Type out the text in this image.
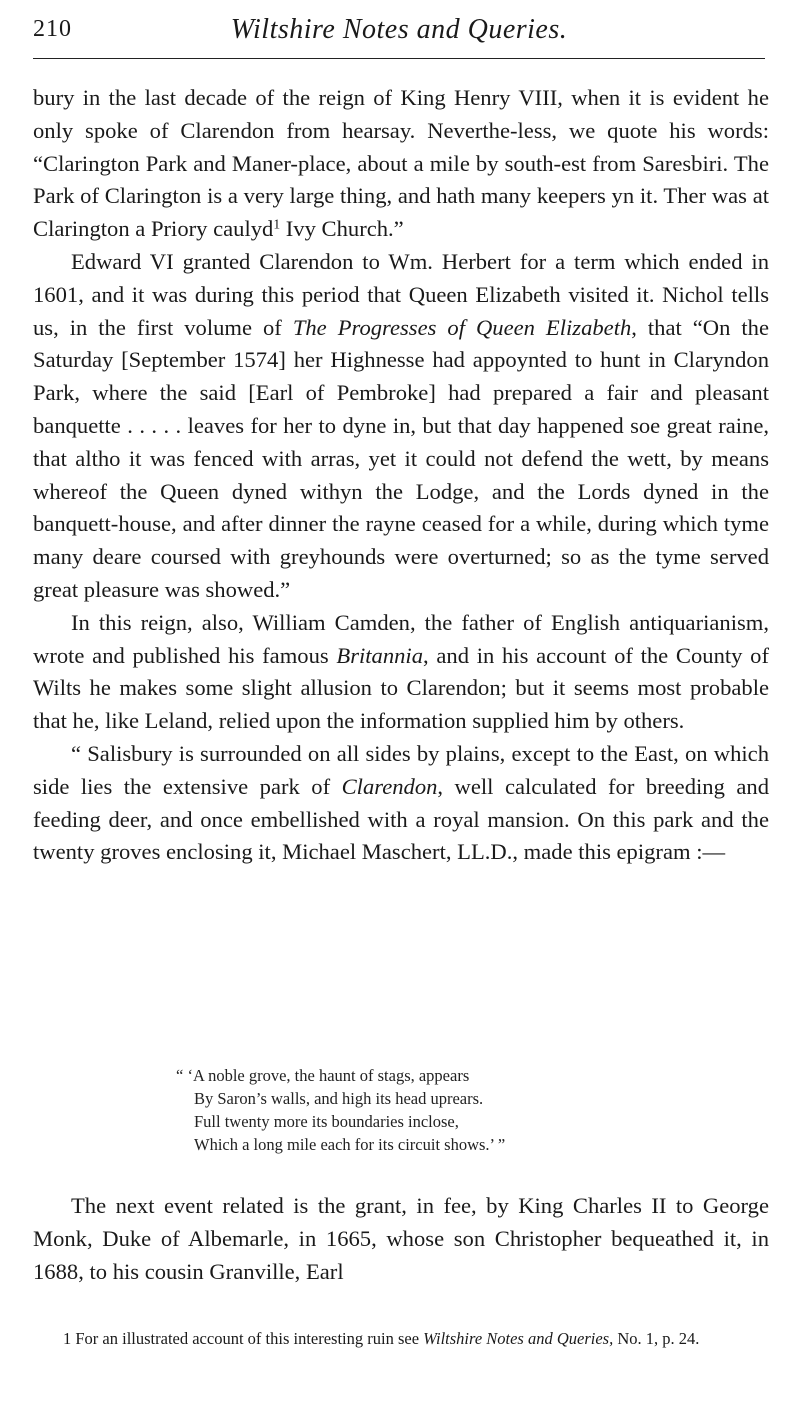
210	Wiltshire Notes and Queries.

bury in the last decade of the reign of King Henry VIII, when it is evident he only spoke of Clarendon from hearsay. Neverthe-less, we quote his words: “Clarington Park and Maner-place, about a mile by south-est from Saresbiri. The Park of Clarington is a very large thing, and hath many keepers yn it. Ther was at Clarington a Priory caulyd$^1$ Ivy Church.”

Edward VI granted Clarendon to Wm. Herbert for a term which ended in 1601, and it was during this period that Queen Elizabeth visited it. Nichol tells us, in the first volume of The Progresses of Queen Elizabeth, that “On the Saturday [September 1574] her Highnesse had appoynted to hunt in Claryndon Park, where the said [Earl of Pembroke] had prepared a fair and pleasant banquette . . . . . leaves for her to dyne in, but that day happened soe great raine, that altho it was fenced with arras, yet it could not defend the wett, by means whereof the Queen dyned withyn the Lodge, and the Lords dyned in the banquett-house, and after dinner the rayne ceased for a while, during which tyme many deare coursed with greyhounds were overturned; so as the tyme served great pleasure was showed.”

In this reign, also, William Camden, the father of English antiquarianism, wrote and published his famous Britannia, and in his account of the County of Wilts he makes some slight allusion to Clarendon; but it seems most probable that he, like Leland, relied upon the information supplied him by others.

“ Salisbury is surrounded on all sides by plains, except to the East, on which side lies the extensive park of Clarendon, well calculated for breeding and feeding deer, and once embellished with a royal mansion. On this park and the twenty groves enclosing it, Michael Maschert, LL.D., made this epigram :—

“ ‘A noble grove, the haunt of stags, appears
By Saron’s walls, and high its head uprears.
Full twenty more its boundaries inclose,
Which a long mile each for its circuit shows.’ ”

The next event related is the grant, in fee, by King Charles II to George Monk, Duke of Albemarle, in 1665, whose son Christopher bequeathed it, in 1688, to his cousin Granville, Earl

1 For an illustrated account of this interesting ruin see Wiltshire Notes and Queries, No. 1, p. 24.
